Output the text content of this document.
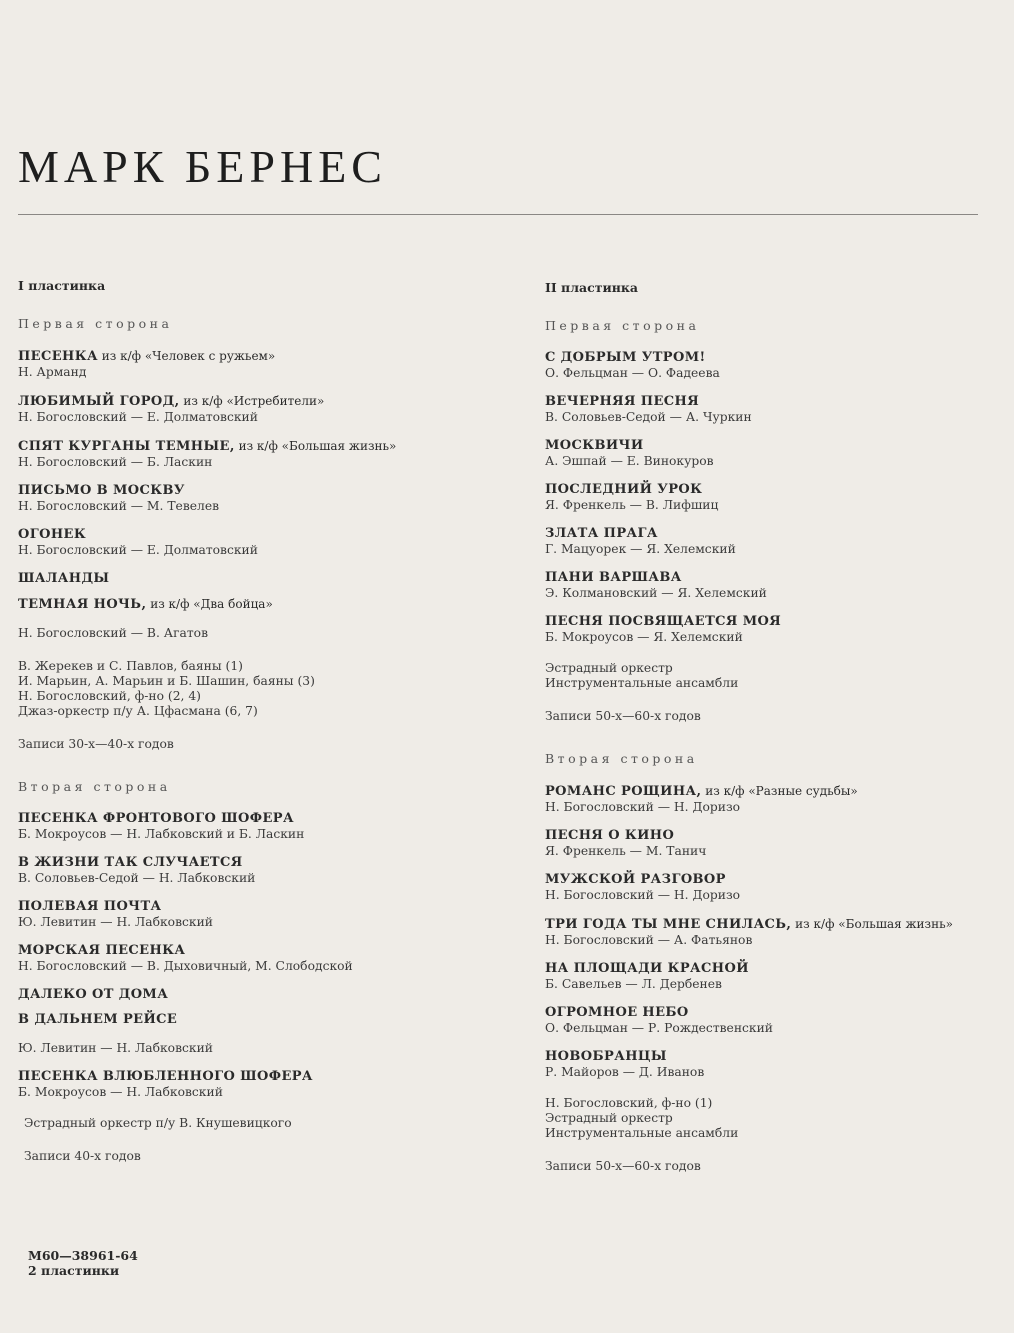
МАРК БЕРНЕС
I пластинка
Первая сторона
ПЕСЕНКА из к/ф «Человек с ружьем»
Н. Арманд
ЛЮБИМЫЙ ГОРОД, из к/ф «Истребители»
Н. Богословский — Е. Долматовский
СПЯТ КУРГАНЫ ТЕМНЫЕ, из к/ф «Большая жизнь»
Н. Богословский — Б. Ласкин
ПИСЬМО В МОСКВУ
Н. Богословский — М. Тевелев
ОГОНЕК
Н. Богословский — Е. Долматовский
ШАЛАНДЫ
ТЕМНАЯ НОЧЬ, из к/ф «Два бойца»
Н. Богословский — В. Агатов
В. Жерекев и С. Павлов, баяны (1)
И. Марьин, А. Марьин и Б. Шашин, баяны (3)
Н. Богословский, ф-но (2, 4)
Джаз-оркестр п/у А. Цфасмана (6, 7)
Записи 30-х—40-х годов
Вторая сторона
ПЕСЕНКА ФРОНТОВОГО ШОФЕРА
Б. Мокроусов — Н. Лабковский и Б. Ласкин
В ЖИЗНИ ТАК СЛУЧАЕТСЯ
В. Соловьев-Седой — Н. Лабковский
ПОЛЕВАЯ ПОЧТА
Ю. Левитин — Н. Лабковский
МОРСКАЯ ПЕСЕНКА
Н. Богословский — В. Дыховичный, М. Слободской
ДАЛЕКО ОТ ДОМА
В ДАЛЬНЕМ РЕЙСЕ
Ю. Левитин — Н. Лабковский
ПЕСЕНКА ВЛЮБЛЕННОГО ШОФЕРА
Б. Мокроусов — Н. Лабковский
Эстрадный оркестр п/у В. Кнушевицкого
Записи 40-х годов
II пластинка
Первая сторона
С ДОБРЫМ УТРОМ!
О. Фельцман — О. Фадеева
ВЕЧЕРНЯЯ ПЕСНЯ
В. Соловьев-Седой — А. Чуркин
МОСКВИЧИ
А. Эшпай — Е. Винокуров
ПОСЛЕДНИЙ УРОК
Я. Френкель — В. Лифшиц
ЗЛАТА ПРАГА
Г. Мацуорек — Я. Хелемский
ПАНИ ВАРШАВА
Э. Колмановский — Я. Хелемский
ПЕСНЯ ПОСВЯЩАЕТСЯ МОЯ
Б. Мокроусов — Я. Хелемский
Эстрадный оркестр
Инструментальные ансамбли
Записи 50-х—60-х годов
Вторая сторона
РОМАНС РОЩИНА, из к/ф «Разные судьбы»
Н. Богословский — Н. Доризо
ПЕСНЯ О КИНО
Я. Френкель — М. Танич
МУЖСКОЙ РАЗГОВОР
Н. Богословский — Н. Доризо
ТРИ ГОДА ТЫ МНЕ СНИЛАСЬ, из к/ф «Большая жизнь»
Н. Богословский — А. Фатьянов
НА ПЛОЩАДИ КРАСНОЙ
Б. Савельев — Л. Дербенев
ОГРОМНОЕ НЕБО
О. Фельцман — Р. Рождественский
НОВОБРАНЦЫ
Р. Майоров — Д. Иванов
Н. Богословский, ф-но (1)
Эстрадный оркестр
Инструментальные ансамбли
Записи 50-х—60-х годов
М60—38961-64
2 пластинки
